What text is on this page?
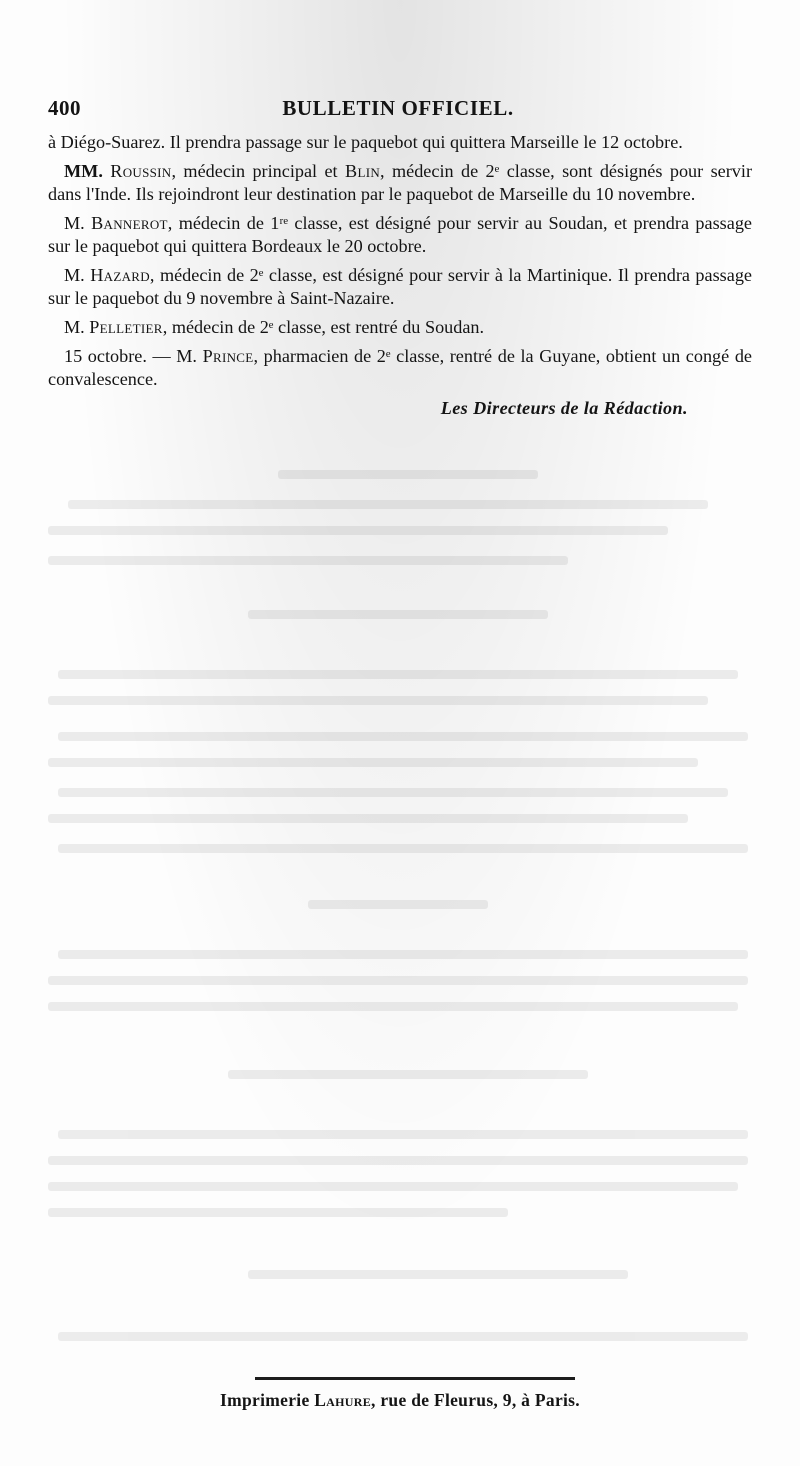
400	BULLETIN OFFICIEL.

à Diégo-Suarez. Il prendra passage sur le paquebot qui quittera Marseille le 12 octobre.

MM. Roussin, médecin principal et Blin, médecin de 2ᵉ classe, sont désignés pour servir dans l'Inde. Ils rejoindront leur destination par le paquebot de Marseille du 10 novembre.

M. Bannerot, médecin de 1ʳᵉ classe, est désigné pour servir au Soudan, et prendra passage sur le paquebot qui quittera Bordeaux le 20 octobre.

M. Hazard, médecin de 2ᵉ classe, est désigné pour servir à la Martinique. Il prendra passage sur le paquebot du 9 novembre à Saint-Nazaire.

M. Pelletier, médecin de 2ᵉ classe, est rentré du Soudan.

15 octobre. — M. Prince, pharmacien de 2ᵉ classe, rentré de la Guyane, obtient un congé de convalescence.

Les Directeurs de la Rédaction.
Imprimerie Lahure, rue de Fleurus, 9, à Paris.
